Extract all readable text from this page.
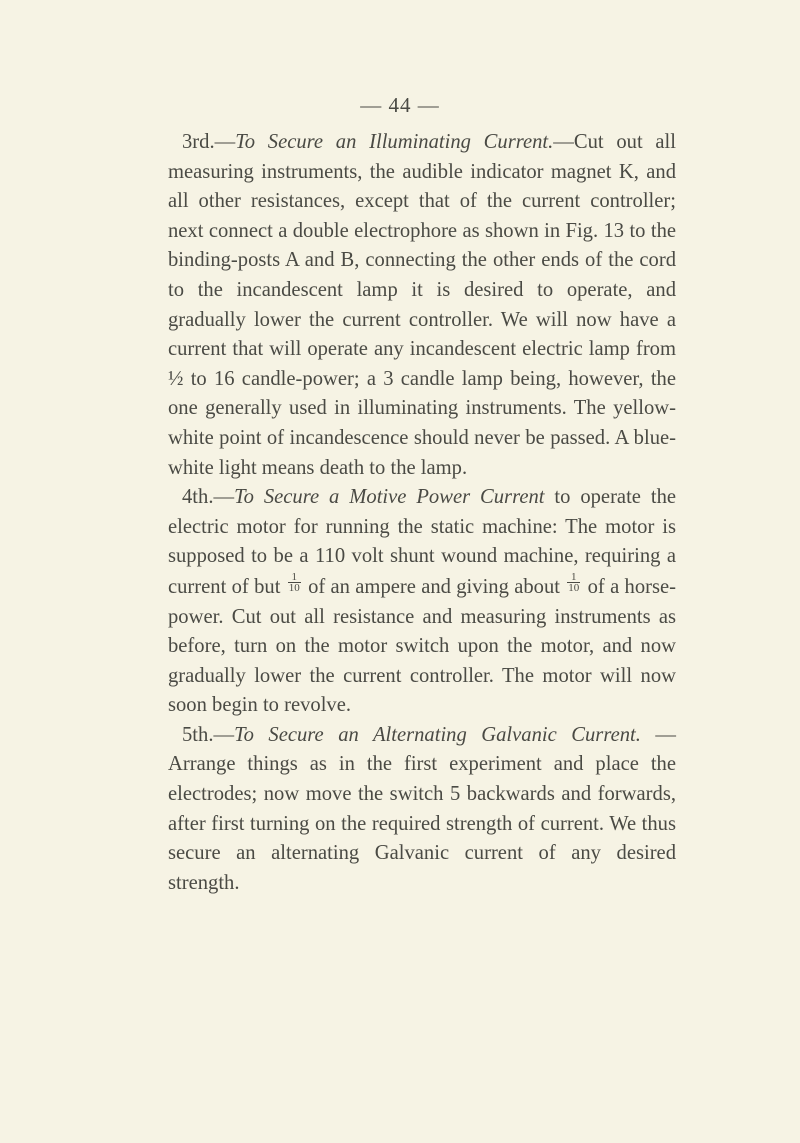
— 44 —

3rd.—To Secure an Illuminating Current.—Cut out all measuring instruments, the audible indicator magnet K, and all other resistances, except that of the current controller; next connect a double electrophore as shown in Fig. 13 to the binding-posts A and B, connecting the other ends of the cord to the incandescent lamp it is desired to operate, and gradually lower the current controller. We will now have a current that will operate any incandescent electric lamp from ½ to 16 candle-power; a 3 candle lamp being, however, the one generally used in illuminating instruments. The yellow-white point of incandescence should never be passed. A blue-white light means death to the lamp.

4th.—To Secure a Motive Power Current to operate the electric motor for running the static machine: The motor is supposed to be a 110 volt shunt wound machine, requiring a current of but $\frac{1}{10}$ of an ampere and giving about $\frac{1}{10}$ of a horse-power. Cut out all resistance and measuring instruments as before, turn on the motor switch upon the motor, and now gradually lower the current controller. The motor will now soon begin to revolve.

5th.—To Secure an Alternating Galvanic Current. —Arrange things as in the first experiment and place the electrodes; now move the switch 5 backwards and forwards, after first turning on the required strength of current. We thus secure an alternating Galvanic current of any desired strength.
